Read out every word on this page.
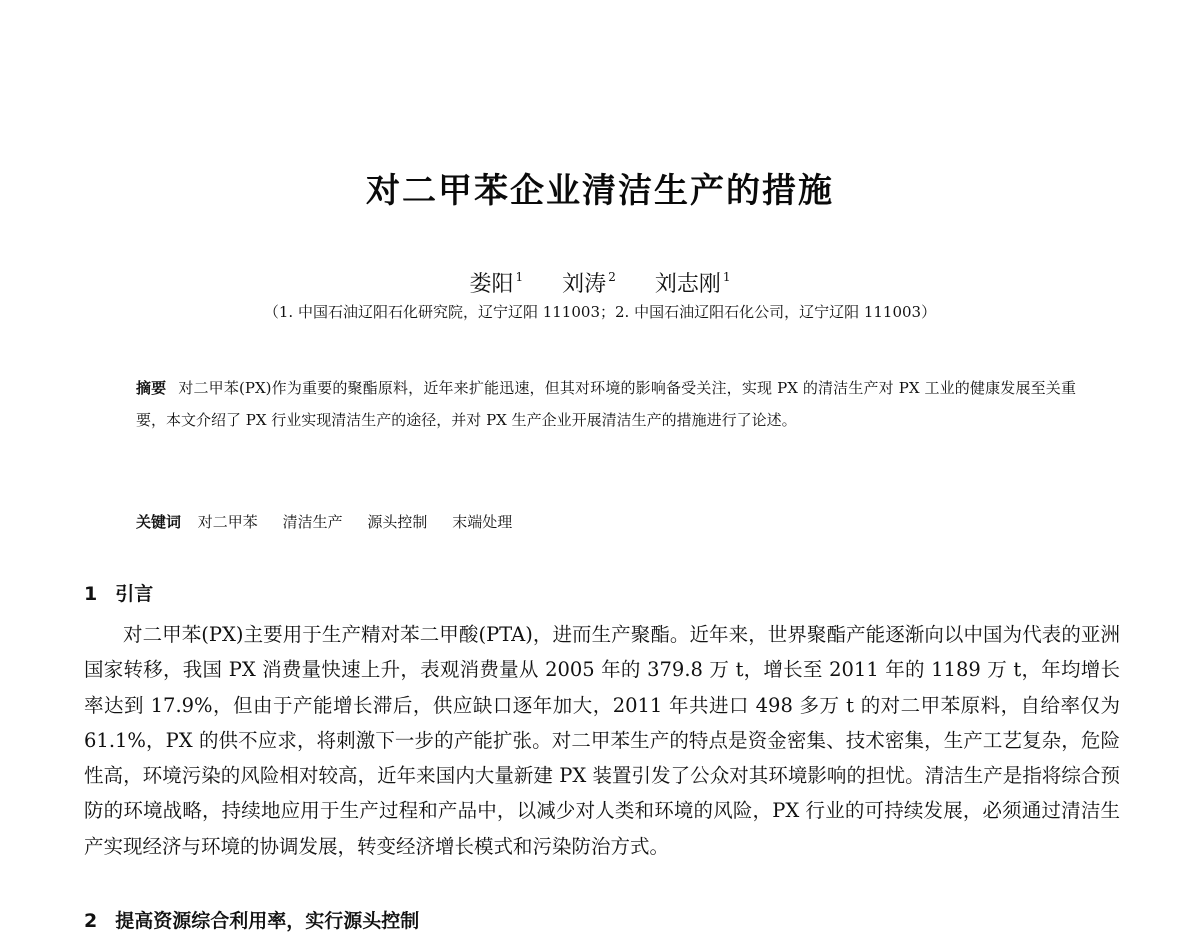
对二甲苯企业清洁生产的措施
娄阳 $^1$ 刘涛 $^2$ 刘志刚 $^1$
（1. 中国石油辽阳石化研究院，辽宁辽阳 111003；2. 中国石油辽阳石化公司，辽宁辽阳 111003）
摘要 对二甲苯(PX)作为重要的聚酯原料，近年来扩能迅速，但其对环境的影响备受关注，实现 PX 的清洁生产对 PX 工业的健康发展至关重要，本文介绍了 PX 行业实现清洁生产的途径，并对 PX 生产企业开展清洁生产的措施进行了论述。
关键词 对二甲苯 清洁生产 源头控制 末端处理
1 引言
对二甲苯(PX)主要用于生产精对苯二甲酸(PTA)，进而生产聚酯。近年来，世界聚酯产能逐渐向以中国为代表的亚洲国家转移，我国 PX 消费量快速上升，表观消费量从 2005 年的 379.8 万 t，增长至 2011 年的 1189 万 t，年均增长率达到 17.9%，但由于产能增长滞后，供应缺口逐年加大，2011 年共进口 498 多万 t 的对二甲苯原料，自给率仅为 61.1%，PX 的供不应求，将刺激下一步的产能扩张。对二甲苯生产的特点是资金密集、技术密集，生产工艺复杂，危险性高，环境污染的风险相对较高，近年来国内大量新建 PX 装置引发了公众对其环境影响的担忧。清洁生产是指将综合预防的环境战略，持续地应用于生产过程和产品中，以减少对人类和环境的风险，PX 行业的可持续发展，必须通过清洁生产实现经济与环境的协调发展，转变经济增长模式和污染防治方式。
2 提高资源综合利用率，实行源头控制
